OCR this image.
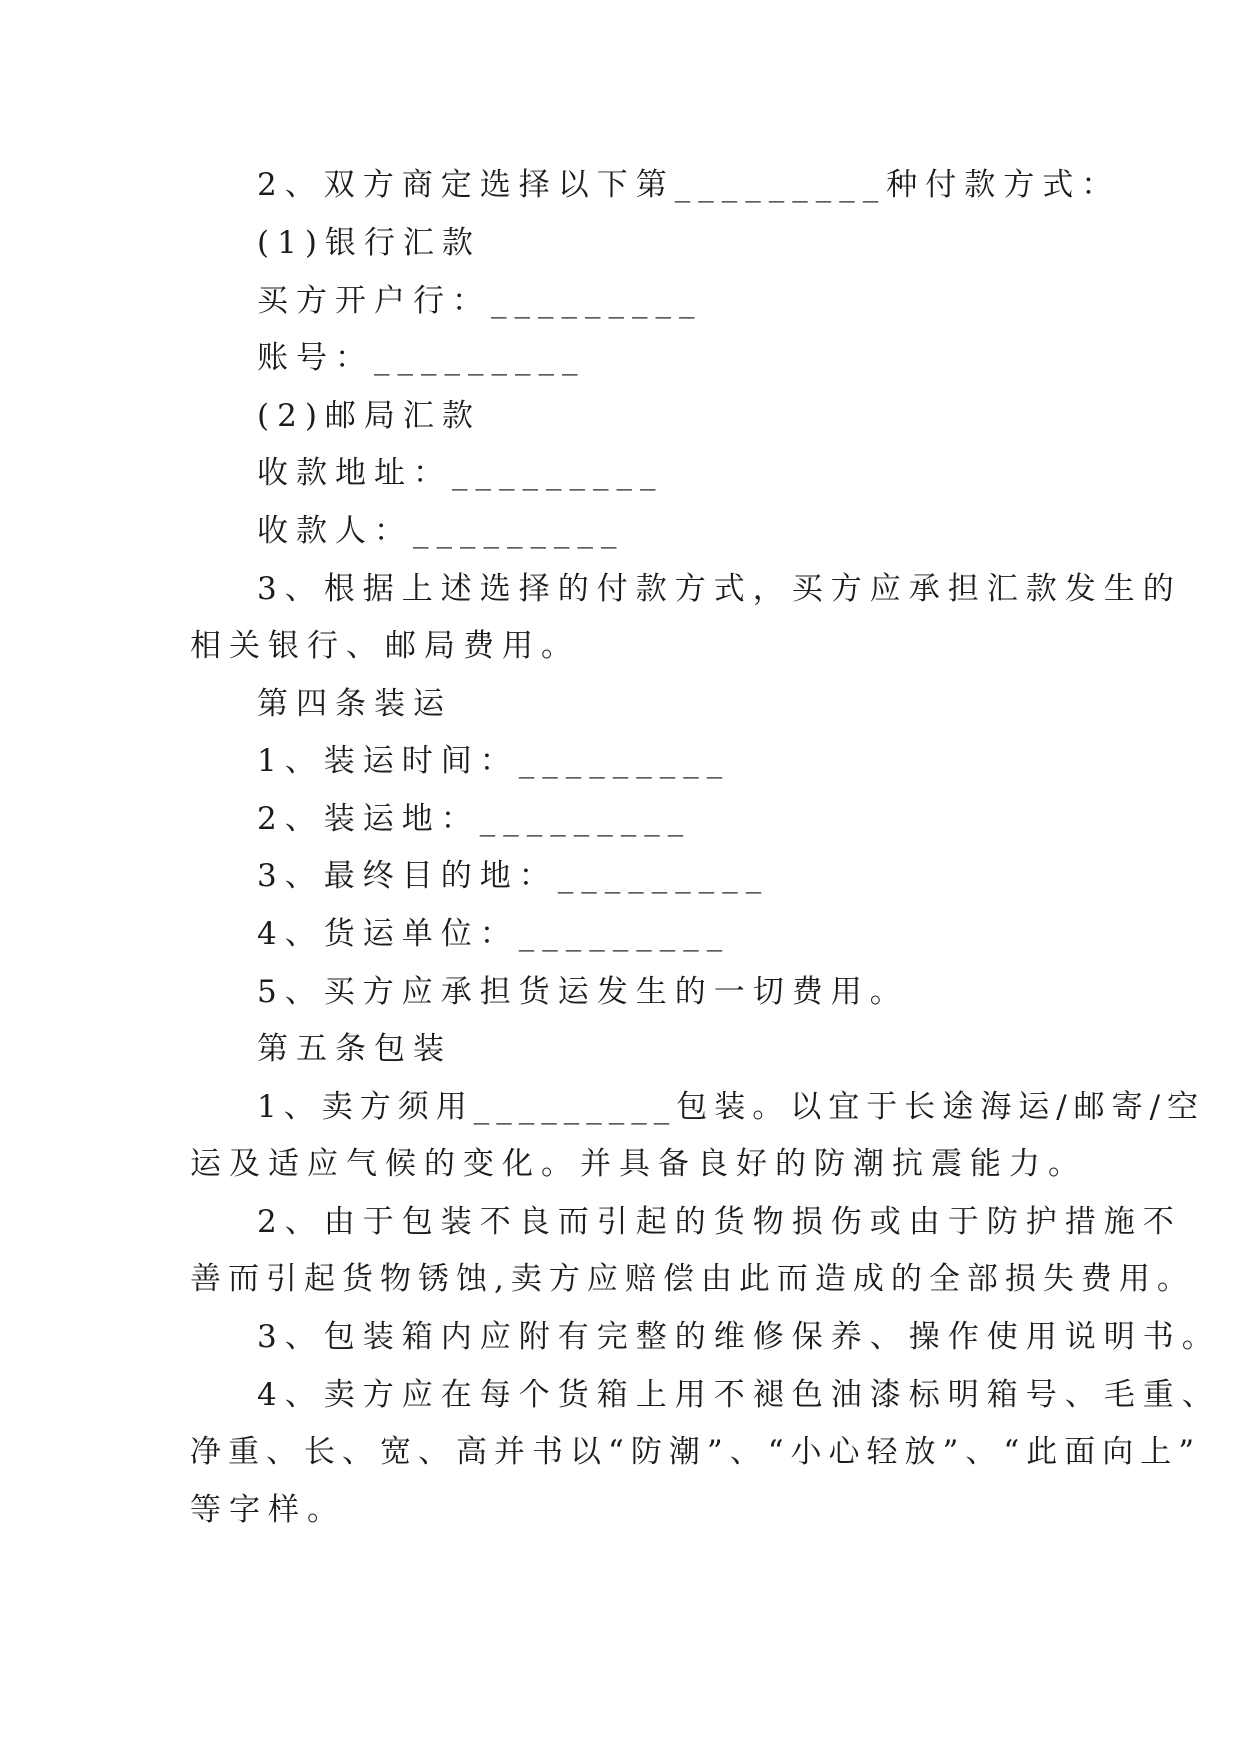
2、双方商定选择以下第_________种付款方式：
(1)银行汇款
买方开户行：_________
账号：_________
(2)邮局汇款
收款地址：_________
收款人：_________
3、根据上述选择的付款方式，买方应承担汇款发生的
相关银行、邮局费用。
第四条装运
1、装运时间：_________
2、装运地：_________
3、最终目的地：_________
4、货运单位：_________
5、买方应承担货运发生的一切费用。
第五条包装
1、卖方须用_________包装。以宜于长途海运/邮寄/空
运及适应气候的变化。并具备良好的防潮抗震能力。
2、由于包装不良而引起的货物损伤或由于防护措施不
善而引起货物锈蚀,卖方应赔偿由此而造成的全部损失费用。
3、包装箱内应附有完整的维修保养、操作使用说明书。
4、卖方应在每个货箱上用不褪色油漆标明箱号、毛重、
净重、长、宽、高并书以“防潮”、“小心轻放”、“此面向上”
等字样。
